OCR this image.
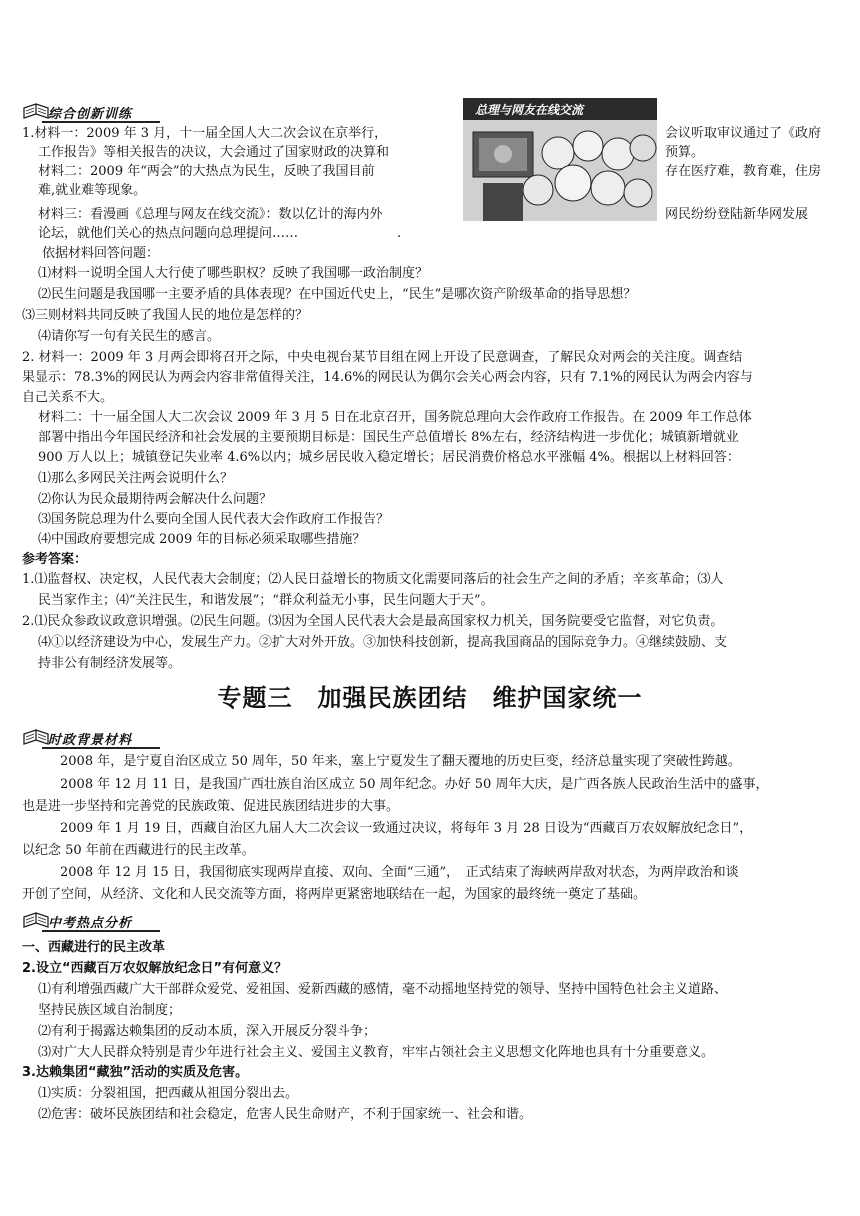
综合创新训练	总理与网友在线交流
1.材料一：2009 年 3 月，十一届全国人大二次会议在京举行，	会议听取审议通过了《政府
工作报告》等相关报告的决议，大会通过了国家财政的决算和	预算。
材料二：2009 年“两会”的大热点为民生，反映了我国目前	存在医疗难，教育难，住房
难,就业难等现象。
材料三：看漫画《总理与网友在线交流》：数以亿计的海内外	网民纷纷登陆新华网发展
论坛，就他们关心的热点问题向总理提问……	.
依据材料回答问题：
⑴材料一说明全国人大行使了哪些职权？反映了我国哪一政治制度？
⑵民生问题是我国哪一主要矛盾的具体表现？在中国近代史上，“民生”是哪次资产阶级革命的指导思想？
⑶三则材料共同反映了我国人民的地位是怎样的？
⑷请你写一句有关民生的感言。
2. 材料一：2009 年 3 月两会即将召开之际，中央电视台某节目组在网上开设了民意调查，了解民众对两会的关注度。调查结
果显示：78.3%的网民认为两会内容非常值得关注，14.6%的网民认为偶尔会关心两会内容，只有 7.1%的网民认为两会内容与
自己关系不大。
材料二：十一届全国人大二次会议 2009 年 3 月 5 日在北京召开，国务院总理向大会作政府工作报告。在 2009 年工作总体
部署中指出今年国民经济和社会发展的主要预期目标是：国民生产总值增长 8%左右，经济结构进一步优化；城镇新增就业
900 万人以上；城镇登记失业率 4.6%以内；城乡居民收入稳定增长；居民消费价格总水平涨幅 4%。根据以上材料回答：
⑴那么多网民关注两会说明什么？
⑵你认为民众最期待两会解决什么问题？
⑶国务院总理为什么要向全国人民代表大会作政府工作报告？
⑷中国政府要想完成 2009 年的目标必须采取哪些措施？
参考答案：
1.⑴监督权、决定权，人民代表大会制度；⑵人民日益增长的物质文化需要同落后的社会生产之间的矛盾；辛亥革命；⑶人
民当家作主；⑷“关注民生，和谐发展”；“群众利益无小事，民生问题大于天”。
2.⑴民众参政议政意识增强。⑵民生问题。⑶因为全国人民代表大会是最高国家权力机关，国务院要受它监督，对它负责。
⑷①以经济建设为中心，发展生产力。②扩大对外开放。③加快科技创新，提高我国商品的国际竞争力。④继续鼓励、支
持非公有制经济发展等。
专题三　加强民族团结　维护国家统一
时政背景材料
2008 年，是宁夏自治区成立 50 周年，50 年来，塞上宁夏发生了翻天覆地的历史巨变，经济总量实现了突破性跨越。
2008 年 12 月 11 日，是我国广西壮族自治区成立 50 周年纪念。办好 50 周年大庆，是广西各族人民政治生活中的盛事，
也是进一步坚持和完善党的民族政策、促进民族团结进步的大事。
2009 年 1 月 19 日，西藏自治区九届人大二次会议一致通过决议，将每年 3 月 28 日设为“西藏百万农奴解放纪念日”，
以纪念 50 年前在西藏进行的民主改革。
2008 年 12 月 15 日，我国彻底实现两岸直接、双向、全面“三通”，　正式结束了海峡两岸敌对状态，为两岸政治和谈
开创了空间，从经济、文化和人民交流等方面，将两岸更紧密地联结在一起，为国家的最终统一奠定了基础。
中考热点分析
一、西藏进行的民主改革
2.设立“西藏百万农奴解放纪念日”有何意义？
⑴有利增强西藏广大干部群众爱党、爱祖国、爱新西藏的感情，毫不动摇地坚持党的领导、坚持中国特色社会主义道路、
坚持民族区域自治制度；
⑵有利于揭露达赖集团的反动本质，深入开展反分裂斗争；
⑶对广大人民群众特别是青少年进行社会主义、爱国主义教育，牢牢占领社会主义思想文化阵地也具有十分重要意义。
3.达赖集团“藏独”活动的实质及危害。
⑴实质：分裂祖国，把西藏从祖国分裂出去。
⑵危害：破坏民族团结和社会稳定，危害人民生命财产，不利于国家统一、社会和谐。
